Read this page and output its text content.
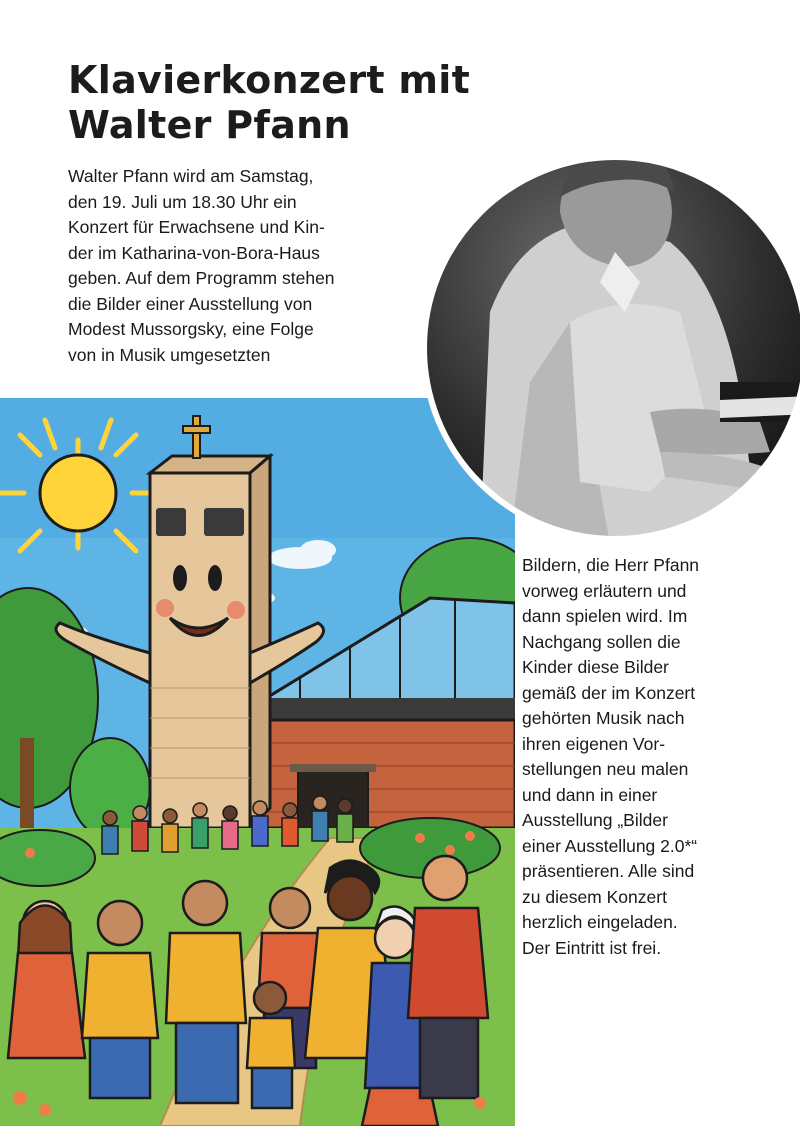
Klavierkonzert mit
Walter Pfann
Walter Pfann wird am Samstag,
den 19. Juli um 18.30 Uhr ein
Konzert für Erwachsene und Kin-
der im Katharina-von-Bora-Haus
geben. Auf dem Programm stehen
die Bilder einer Ausstellung von
Modest Mussorgsky, eine Folge
von in Musik umgesetzten
Bildern, die Herr Pfann
vorweg erläutern und
dann spielen wird. Im
Nachgang sollen die
Kinder diese Bilder
gemäß der im Konzert
gehörten Musik nach
ihren eigenen Vor-
stellungen neu malen
und dann in einer
Ausstellung „Bilder
einer Ausstellung 2.0*“
präsentieren. Alle sind
zu diesem Konzert
herzlich eingeladen.
Der Eintritt ist frei.
